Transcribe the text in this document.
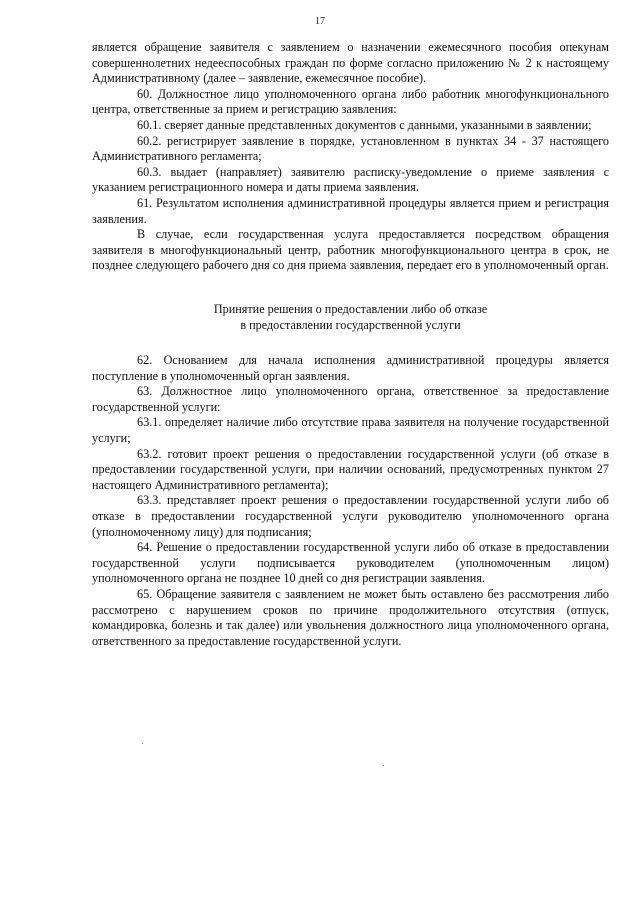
17

является обращение заявителя с заявлением о назначении ежемесячного пособия опекунам совершеннолетних недееспособных граждан по форме согласно приложению № 2 к настоящему Административному (далее – заявление, ежемесячное пособие).

60. Должностное лицо уполномоченного органа либо работник многофункционального центра, ответственные за прием и регистрацию заявления:

60.1. сверяет данные представленных документов с данными, указанными в заявлении;

60.2. регистрирует заявление в порядке, установленном в пунктах 34 - 37 настоящего Административного регламента;

60.3. выдает (направляет) заявителю расписку-уведомление о приеме заявления с указанием регистрационного номера и даты приема заявления.

61. Результатом исполнения административной процедуры является прием и регистрация заявления.

В случае, если государственная услуга предоставляется посредством обращения заявителя в многофункциональный центр, работник многофункционального центра в срок, не позднее следующего рабочего дня со дня приема заявления, передает его в уполномоченный орган.

Принятие решения о предоставлении либо об отказе
в предоставлении государственной услуги

62. Основанием для начала исполнения административной процедуры является поступление в уполномоченный орган заявления.

63. Должностное лицо уполномоченного органа, ответственное за предоставление государственной услуги:

63.1. определяет наличие либо отсутствие права заявителя на получение государственной услуги;

63.2. готовит проект решения о предоставлении государственной услуги (об отказе в предоставлении государственной услуги, при наличии оснований, предусмотренных пунктом 27 настоящего Административного регламента);

63.3. представляет проект решения о предоставлении государственной услуги либо об отказе в предоставлении государственной услуги руководителю уполномоченного органа (уполномоченному лицу) для подписания;

64. Решение о предоставлении государственной услуги либо об отказе в предоставлении государственной услуги подписывается руководителем (уполномоченным лицом) уполномоченного органа не позднее 10 дней со дня регистрации заявления.

65. Обращение заявителя с заявлением не может быть оставлено без рассмотрения либо рассмотрено с нарушением сроков по причине продолжительного отсутствия (отпуск, командировка, болезнь и так далее) или увольнения должностного лица уполномоченного органа, ответственного за предоставление государственной услуги.
